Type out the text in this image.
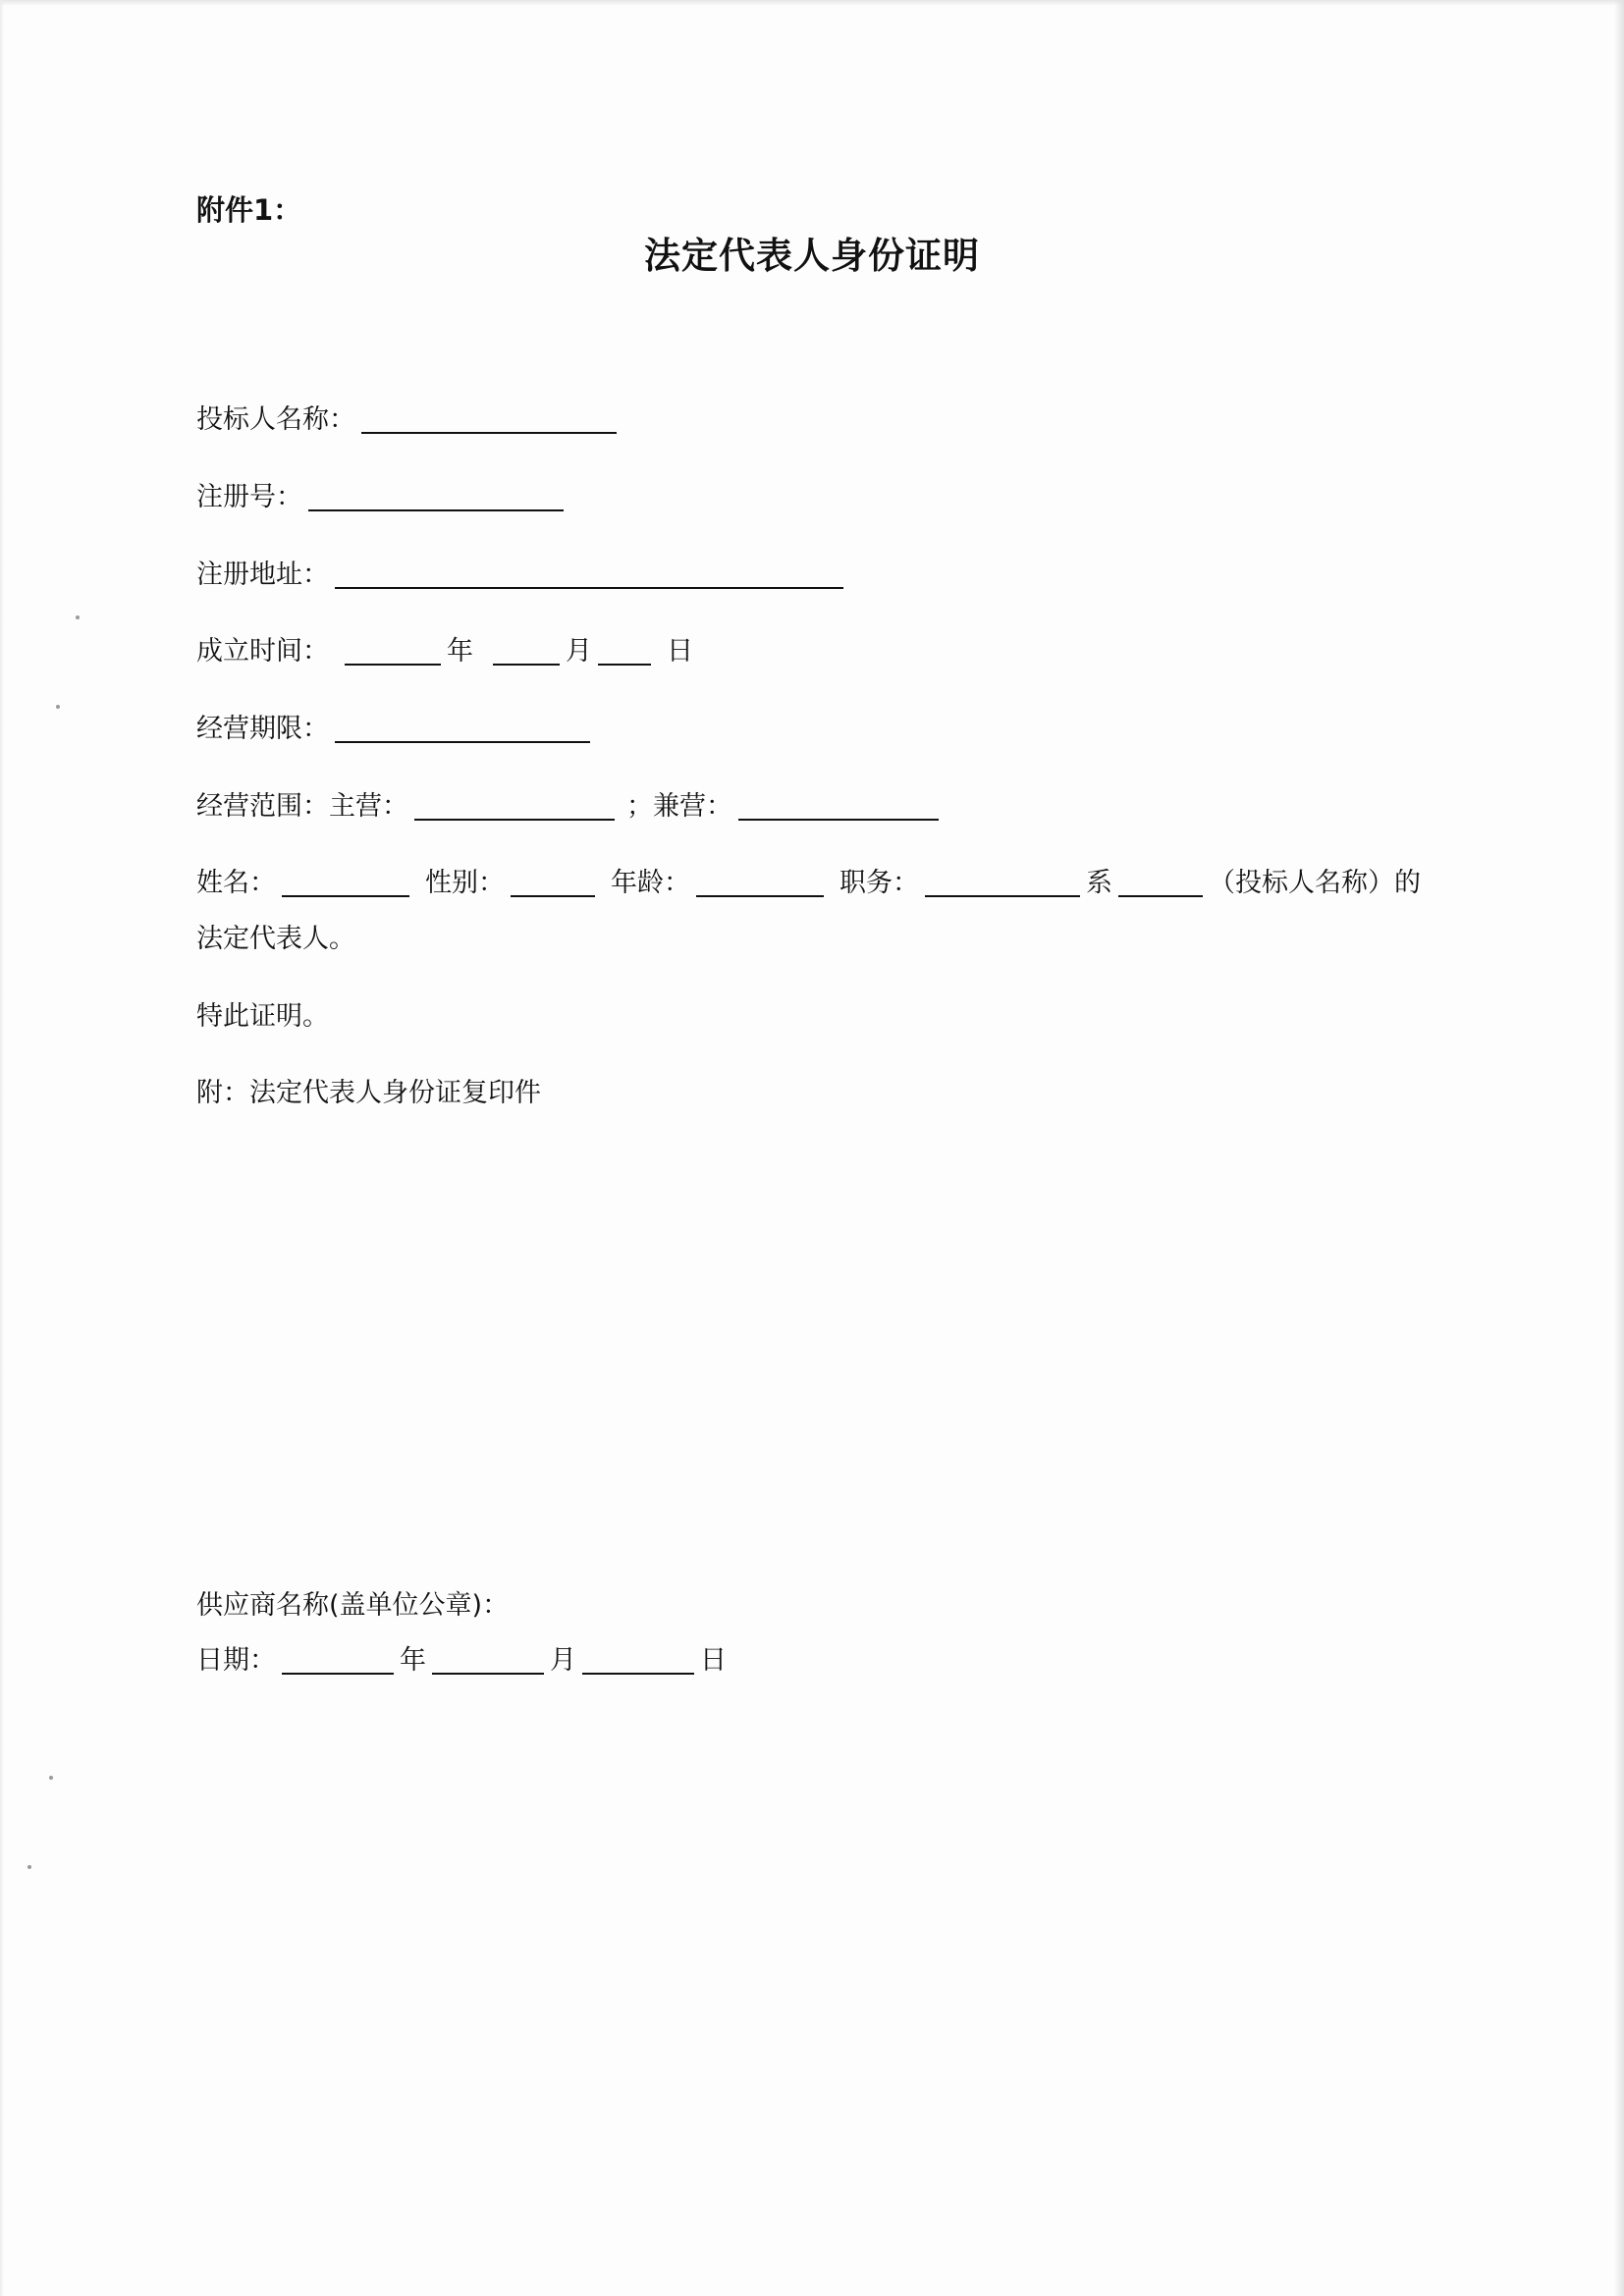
附件1：
法定代表人身份证明
投标人名称：
注册号：
注册地址：
成立时间：	年	月	日
经营期限：
经营范围：主营：	； 兼营：
姓名：	性别：	年龄：	职务：	系	（投标人名称）的
法定代表人。
特此证明。
附：法定代表人身份证复印件
供应商名称(盖单位公章)：
日期：	年	月	日
